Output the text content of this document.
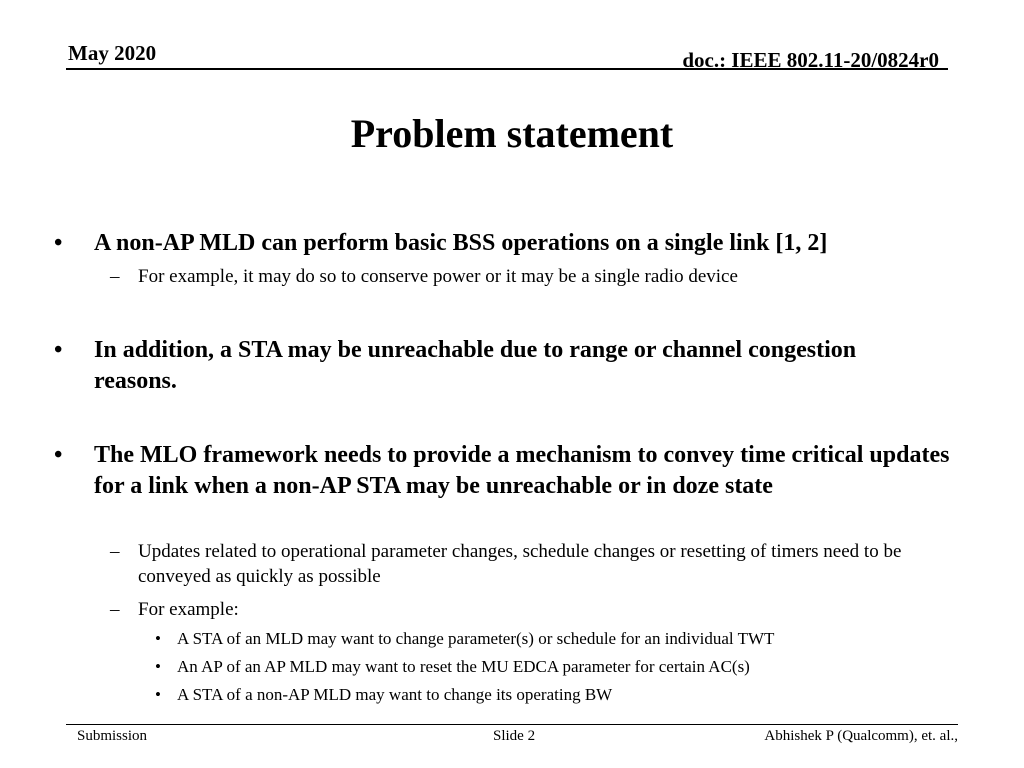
May 2020	doc.: IEEE 802.11-20/0824r0
Problem statement
• A non-AP MLD can perform basic BSS operations on a single link [1, 2]
– For example, it may do so to conserve power or it may be a single radio device
• In addition, a STA may be unreachable due to range or channel congestion reasons.
• The MLO framework needs to provide a mechanism to convey time critical updates for a link when a non-AP STA may be unreachable or in doze state
– Updates related to operational parameter changes, schedule changes or resetting of timers need to be conveyed as quickly as possible
– For example:
• A STA of an MLD may want to change parameter(s) or schedule for an individual TWT
• An AP of an AP MLD may want to reset the MU EDCA parameter for certain AC(s)
• A STA of a non-AP MLD may want to change its operating BW
Submission	Slide 2	Abhishek P (Qualcomm), et. al.,
